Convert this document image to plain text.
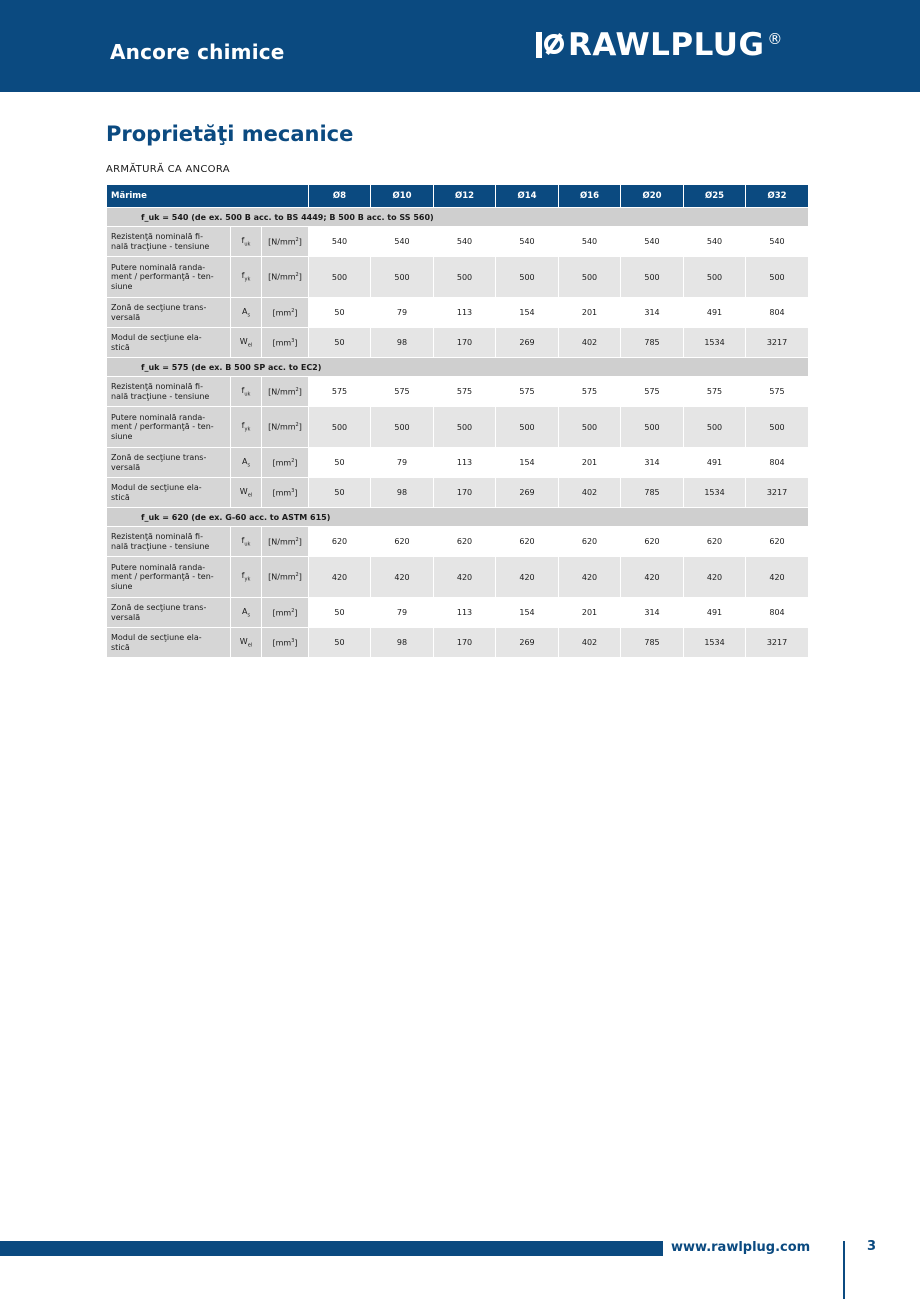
Ancore chimice	RAWLPLUG ®
Proprietăţi mecanice
ARMĂTURĂ CA ANCORA
Mărime			Ø8	Ø10	Ø12	Ø14	Ø16	Ø20	Ø25	Ø32
f_uk = 540 (de ex. 500 B acc. to BS 4449; B 500 B acc. to SS 560)										
Rezistenţă nominală fi-
nală tracţiune - tensiune	$f_{uk}$	$[N/mm^2]$	540	540	540	540	540	540	540	540
Putere nominală randa-
ment / performanţă - ten-
siune	$f_{yk}$	$[N/mm^2]$	500	500	500	500	500	500	500	500
Zonă de secţiune trans-
versală	$A_s$	$[mm^2]$	50	79	113	154	201	314	491	804
Modul de secţiune ela-
stică	$W_{el}$	$[mm^3]$	50	98	170	269	402	785	1534	3217
f_uk = 575 (de ex. B 500 SP acc. to EC2)										
Rezistenţă nominală fi-
nală tracţiune - tensiune	$f_{uk}$	$[N/mm^2]$	575	575	575	575	575	575	575	575
Putere nominală randa-
ment / performanţă - ten-
siune	$f_{yk}$	$[N/mm^2]$	500	500	500	500	500	500	500	500
Zonă de secţiune trans-
versală	$A_s$	$[mm^2]$	50	79	113	154	201	314	491	804
Modul de secţiune ela-
stică	$W_{el}$	$[mm^3]$	50	98	170	269	402	785	1534	3217
f_uk = 620 (de ex. G-60 acc. to ASTM 615)										
Rezistenţă nominală fi-
nală tracţiune - tensiune	$f_{uk}$	$[N/mm^2]$	620	620	620	620	620	620	620	620
Putere nominală randa-
ment / performanţă - ten-
siune	$f_{yk}$	$[N/mm^2]$	420	420	420	420	420	420	420	420
Zonă de secţiune trans-
versală	$A_s$	$[mm^2]$	50	79	113	154	201	314	491	804
Modul de secţiune ela-
stică	$W_{el}$	$[mm^3]$	50	98	170	269	402	785	1534	3217
www.rawlplug.com	3
